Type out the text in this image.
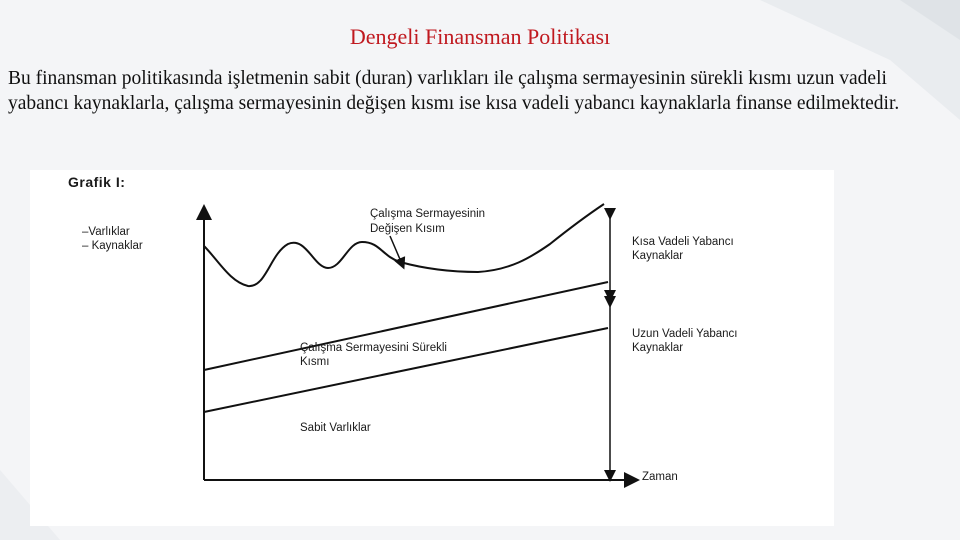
Dengeli Finansman Politikası
Bu finansman politikasında işletmenin sabit (duran) varlıkları ile çalışma sermayesinin sürekli kısmı uzun vadeli yabancı kaynaklarla, çalışma sermayesinin değişen kısmı ise kısa vadeli yabancı kaynaklarla finanse edilmektedir.
Grafik I:
–Varlıklar
– Kaynaklar
Çalışma Sermayesinin
Değişen Kısım
Çalışma Sermayesini Sürekli
Kısmı
Sabit Varlıklar
Kısa Vadeli Yabancı
Kaynaklar
Uzun Vadeli Yabancı
Kaynaklar
Zaman
